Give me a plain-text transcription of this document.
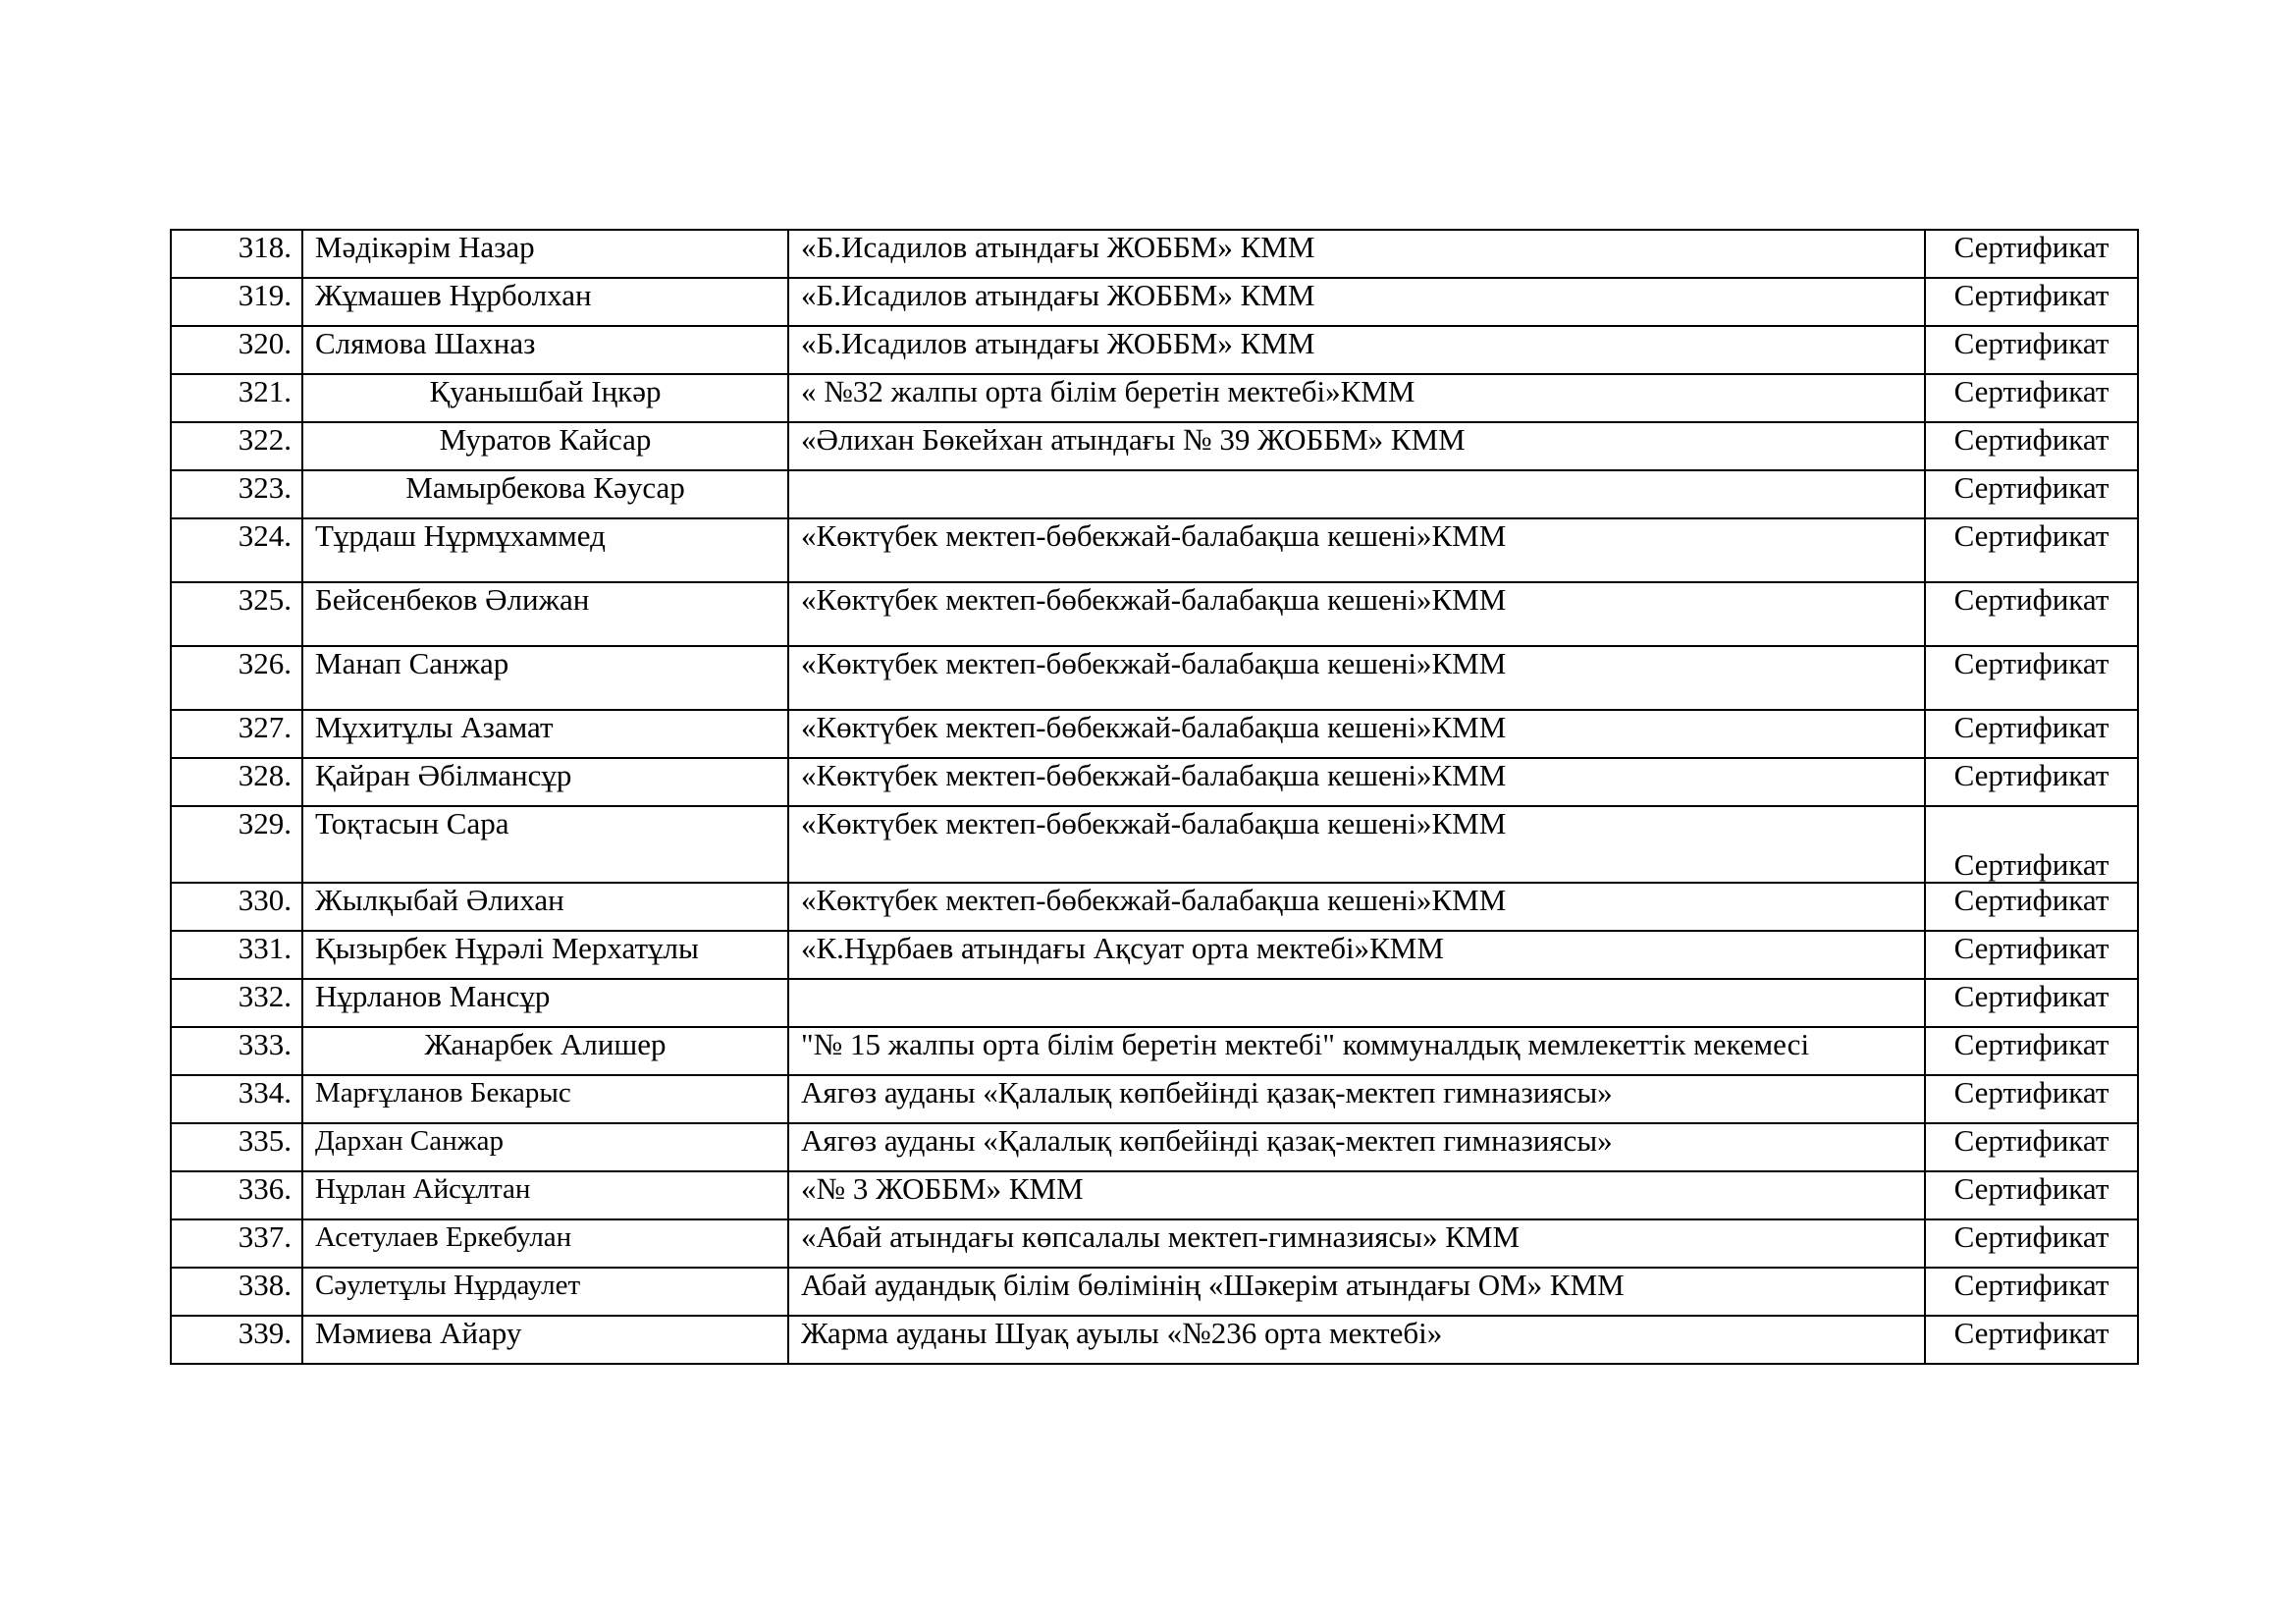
318.	Мәдікәрім Назар	«Б.Исадилов атындағы ЖОББМ» КММ	Сертификат
319.	Жұмашев Нұрболхан	«Б.Исадилов атындағы ЖОББМ» КММ	Сертификат
320.	Слямова Шахназ	«Б.Исадилов атындағы ЖОББМ» КММ	Сертификат
321.	Қуанышбай Іңкәр	« №32 жалпы орта білім беретін мектебі»КММ	Сертификат
322.	Муратов Кайсар	«Әлихан Бөкейхан атындағы № 39 ЖОББМ» КММ	Сертификат
323.	Мамырбекова Кәусар		Сертификат
324.	Тұрдаш Нұрмұхаммед	«Көктүбек мектеп-бөбекжай-балабақша кешені»КММ	Сертификат
325.	Бейсенбеков Әлижан	«Көктүбек мектеп-бөбекжай-балабақша кешені»КММ	Сертификат
326.	Манап Санжар	«Көктүбек мектеп-бөбекжай-балабақша кешені»КММ	Сертификат
327.	Мұхитұлы Азамат	«Көктүбек мектеп-бөбекжай-балабақша кешені»КММ	Сертификат
328.	Қайран Әбілмансұр	«Көктүбек мектеп-бөбекжай-балабақша кешені»КММ	Сертификат
329.	Тоқтасын Сара	«Көктүбек мектеп-бөбекжай-балабақша кешені»КММ	Сертификат
330.	Жылқыбай Әлихан	«Көктүбек мектеп-бөбекжай-балабақша кешені»КММ	Сертификат
331.	Қызырбек Нұрәлі Мерхатұлы	«К.Нұрбаев атындағы Ақсуат орта мектебі»КММ	Сертификат
332.	Нұрланов Мансұр		Сертификат
333.	Жанарбек Алишер	"№ 15 жалпы орта білім беретін мектебі" коммуналдық мемлекеттік мекемесі	Сертификат
334.	Марғұланов Бекарыс	Аягөз ауданы «Қалалық көпбейінді қазақ-мектеп гимназиясы»	Сертификат
335.	Дархан Санжар	Аягөз ауданы «Қалалық көпбейінді қазақ-мектеп гимназиясы»	Сертификат
336.	Нұрлан Айсұлтан	«№ 3 ЖОББМ» КММ	Сертификат
337.	Асетулаев Еркебулан	«Абай атындағы көпсалалы мектеп-гимназиясы» КММ	Сертификат
338.	Сәулетұлы Нұрдаулет	Абай аудандық білім бөлімінің «Шәкерім атындағы ОМ» КММ	Сертификат
339.	Мәмиева Айару	Жарма ауданы Шуақ ауылы «№236 орта мектебі»	Сертификат
